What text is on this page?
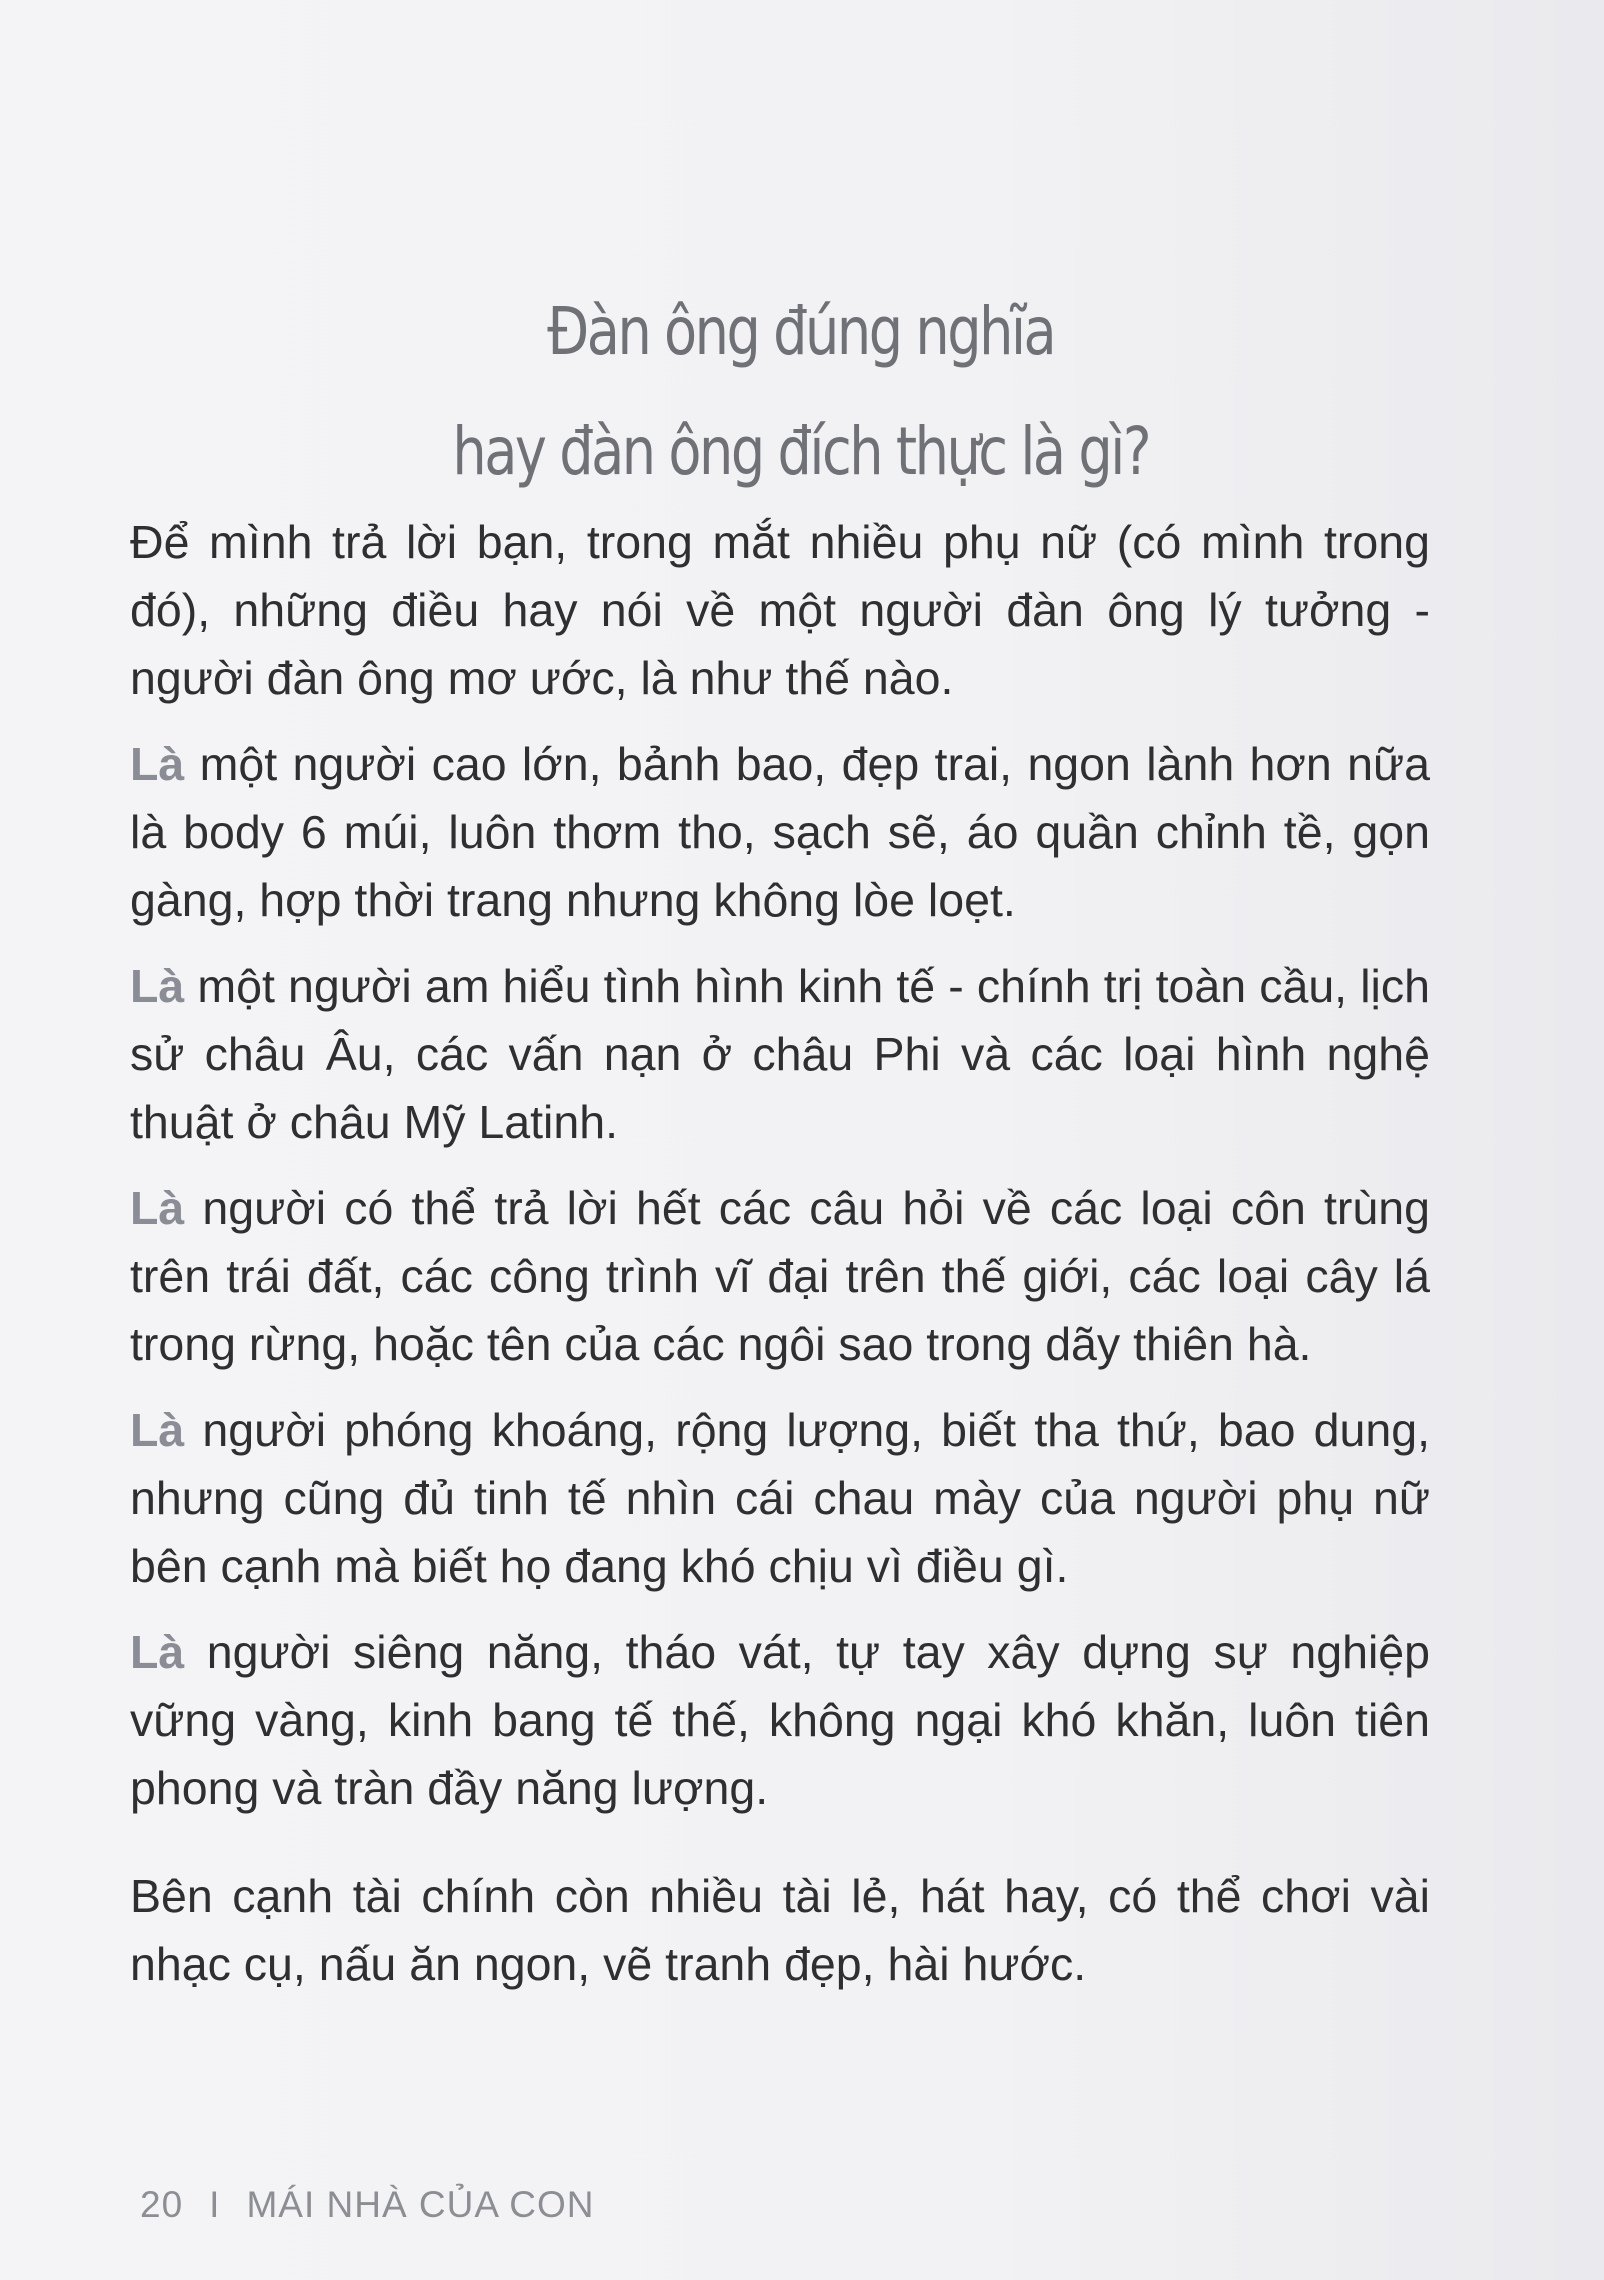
Đàn ông đúng nghĩa
hay đàn ông đích thực là gì?

Để mình trả lời bạn, trong mắt nhiều phụ nữ (có mình trong đó), những điều hay nói về một người đàn ông lý tưởng - người đàn ông mơ ước, là như thế nào.

Là một người cao lớn, bảnh bao, đẹp trai, ngon lành hơn nữa là body 6 múi, luôn thơm tho, sạch sẽ, áo quần chỉnh tề, gọn gàng, hợp thời trang nhưng không lòe loẹt.

Là một người am hiểu tình hình kinh tế - chính trị toàn cầu, lịch sử châu Âu, các vấn nạn ở châu Phi và các loại hình nghệ thuật ở châu Mỹ Latinh.

Là người có thể trả lời hết các câu hỏi về các loại côn trùng trên trái đất, các công trình vĩ đại trên thế giới, các loại cây lá trong rừng, hoặc tên của các ngôi sao trong dãy thiên hà.

Là người phóng khoáng, rộng lượng, biết tha thứ, bao dung, nhưng cũng đủ tinh tế nhìn cái chau mày của người phụ nữ bên cạnh mà biết họ đang khó chịu vì điều gì.

Là người siêng năng, tháo vát, tự tay xây dựng sự nghiệp vững vàng, kinh bang tế thế, không ngại khó khăn, luôn tiên phong và tràn đầy năng lượng.

Bên cạnh tài chính còn nhiều tài lẻ, hát hay, có thể chơi vài nhạc cụ, nấu ăn ngon, vẽ tranh đẹp, hài hước.

20 I MÁI NHÀ CỦA CON
